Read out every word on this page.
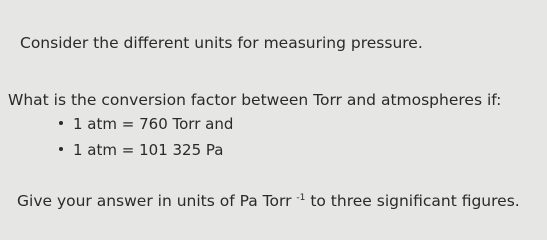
Consider the different units for measuring pressure.
What is the conversion factor between Torr and atmospheres if:
1 atm = 760 Torr and
1 atm = 101 325 Pa
Give your answer in units of Pa Torr $^{-1}$ to three significant figures.
